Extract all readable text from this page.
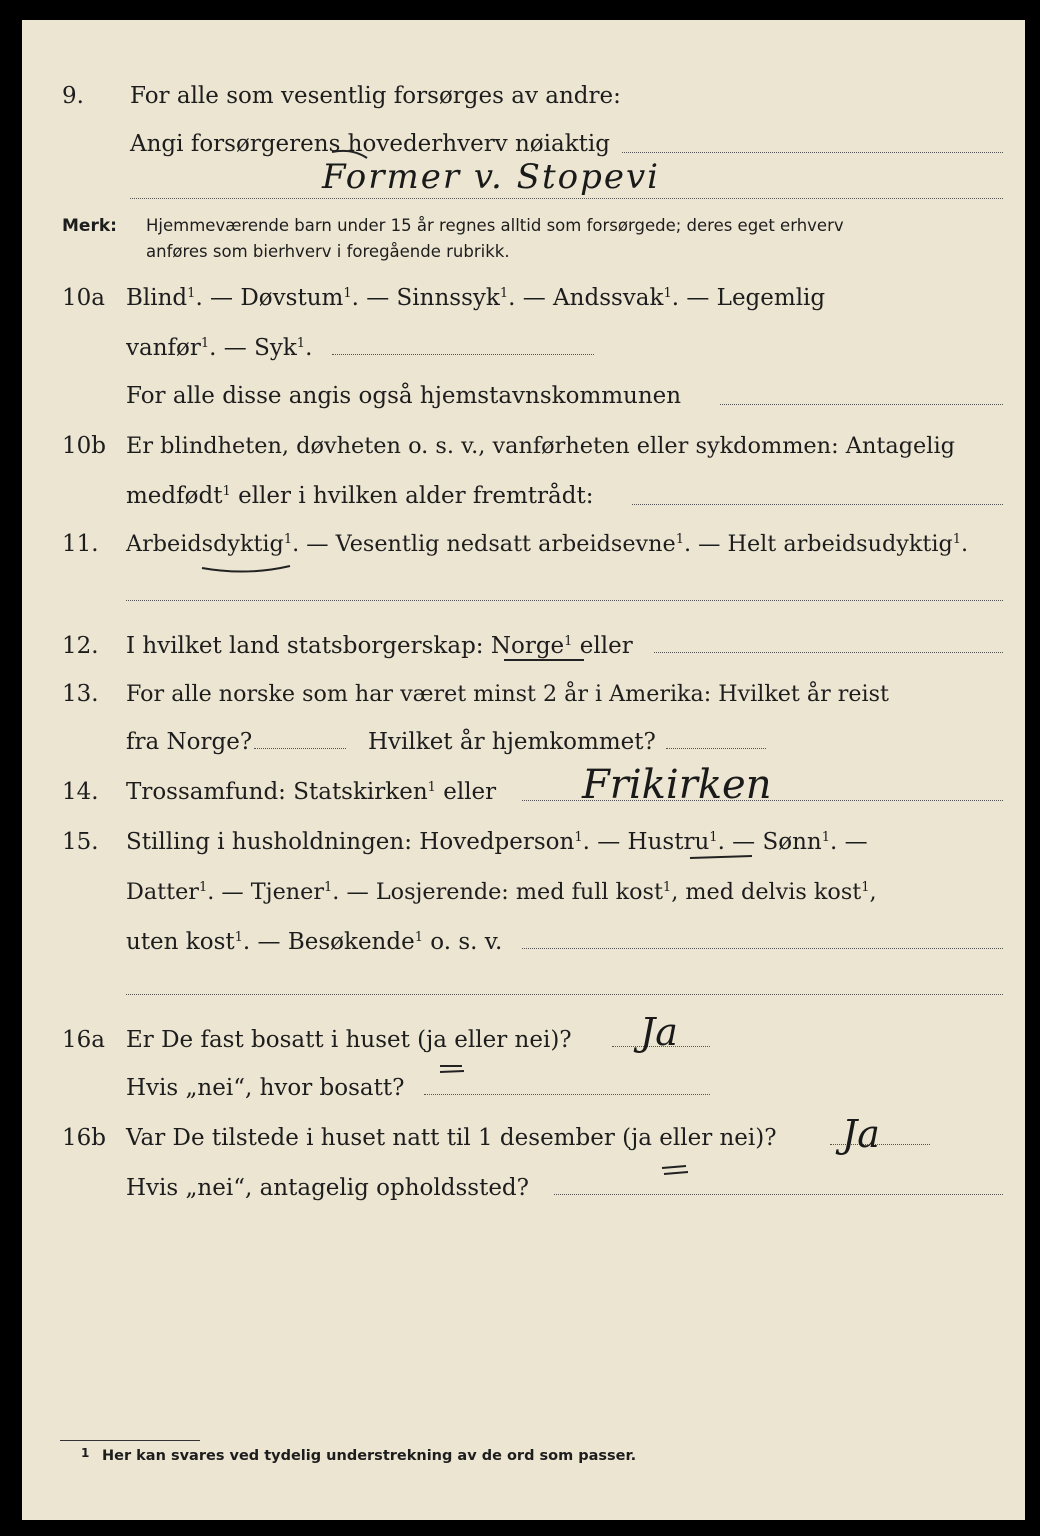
9. For alle som vesentlig forsørges av andre:
Angi forsørgerens hovederhverv nøiaktig
Former v. Stopevi
Merk: Hjemmeværende barn under 15 år regnes alltid som forsørgede; deres eget erhverv
anføres som bierhverv i foregående rubrikk.
10a Blind$^1$. — Døvstum$^1$. — Sinnssyk$^1$. — Andssvak$^1$. — Legemlig
vanfør$^1$. — Syk$^1$.
For alle disse angis også hjemstavnskommunen
10b Er blindheten, døvheten o. s. v., vanførheten eller sykdommen: Antagelig
medfødt$^1$ eller i hvilken alder fremtrådt:
11. Arbeidsdyktig$^1$. — Vesentlig nedsatt arbeidsevne$^1$. — Helt arbeidsudyktig$^1$.
12. I hvilket land statsborgerskap: Norge$^1$ eller
13. For alle norske som har været minst 2 år i Amerika: Hvilket år reist
fra Norge?	Hvilket år hjemkommet?
14. Trossamfund: Statskirken$^1$ eller Frikirken
15. Stilling i husholdningen: Hovedperson$^1$. — Hustru$^1$. — Sønn$^1$. —
Datter$^1$. — Tjener$^1$. — Losjerende: med full kost$^1$, med delvis kost$^1$,
uten kost$^1$. — Besøkende$^1$ o. s. v.
16a Er De fast bosatt i huset (ja eller nei)? Ja
Hvis „nei“, hvor bosatt?
16b Var De tilstede i huset natt til 1 desember (ja eller nei)? Ja
Hvis „nei“, antagelig opholdssted?
1 Her kan svares ved tydelig understrekning av de ord som passer.
